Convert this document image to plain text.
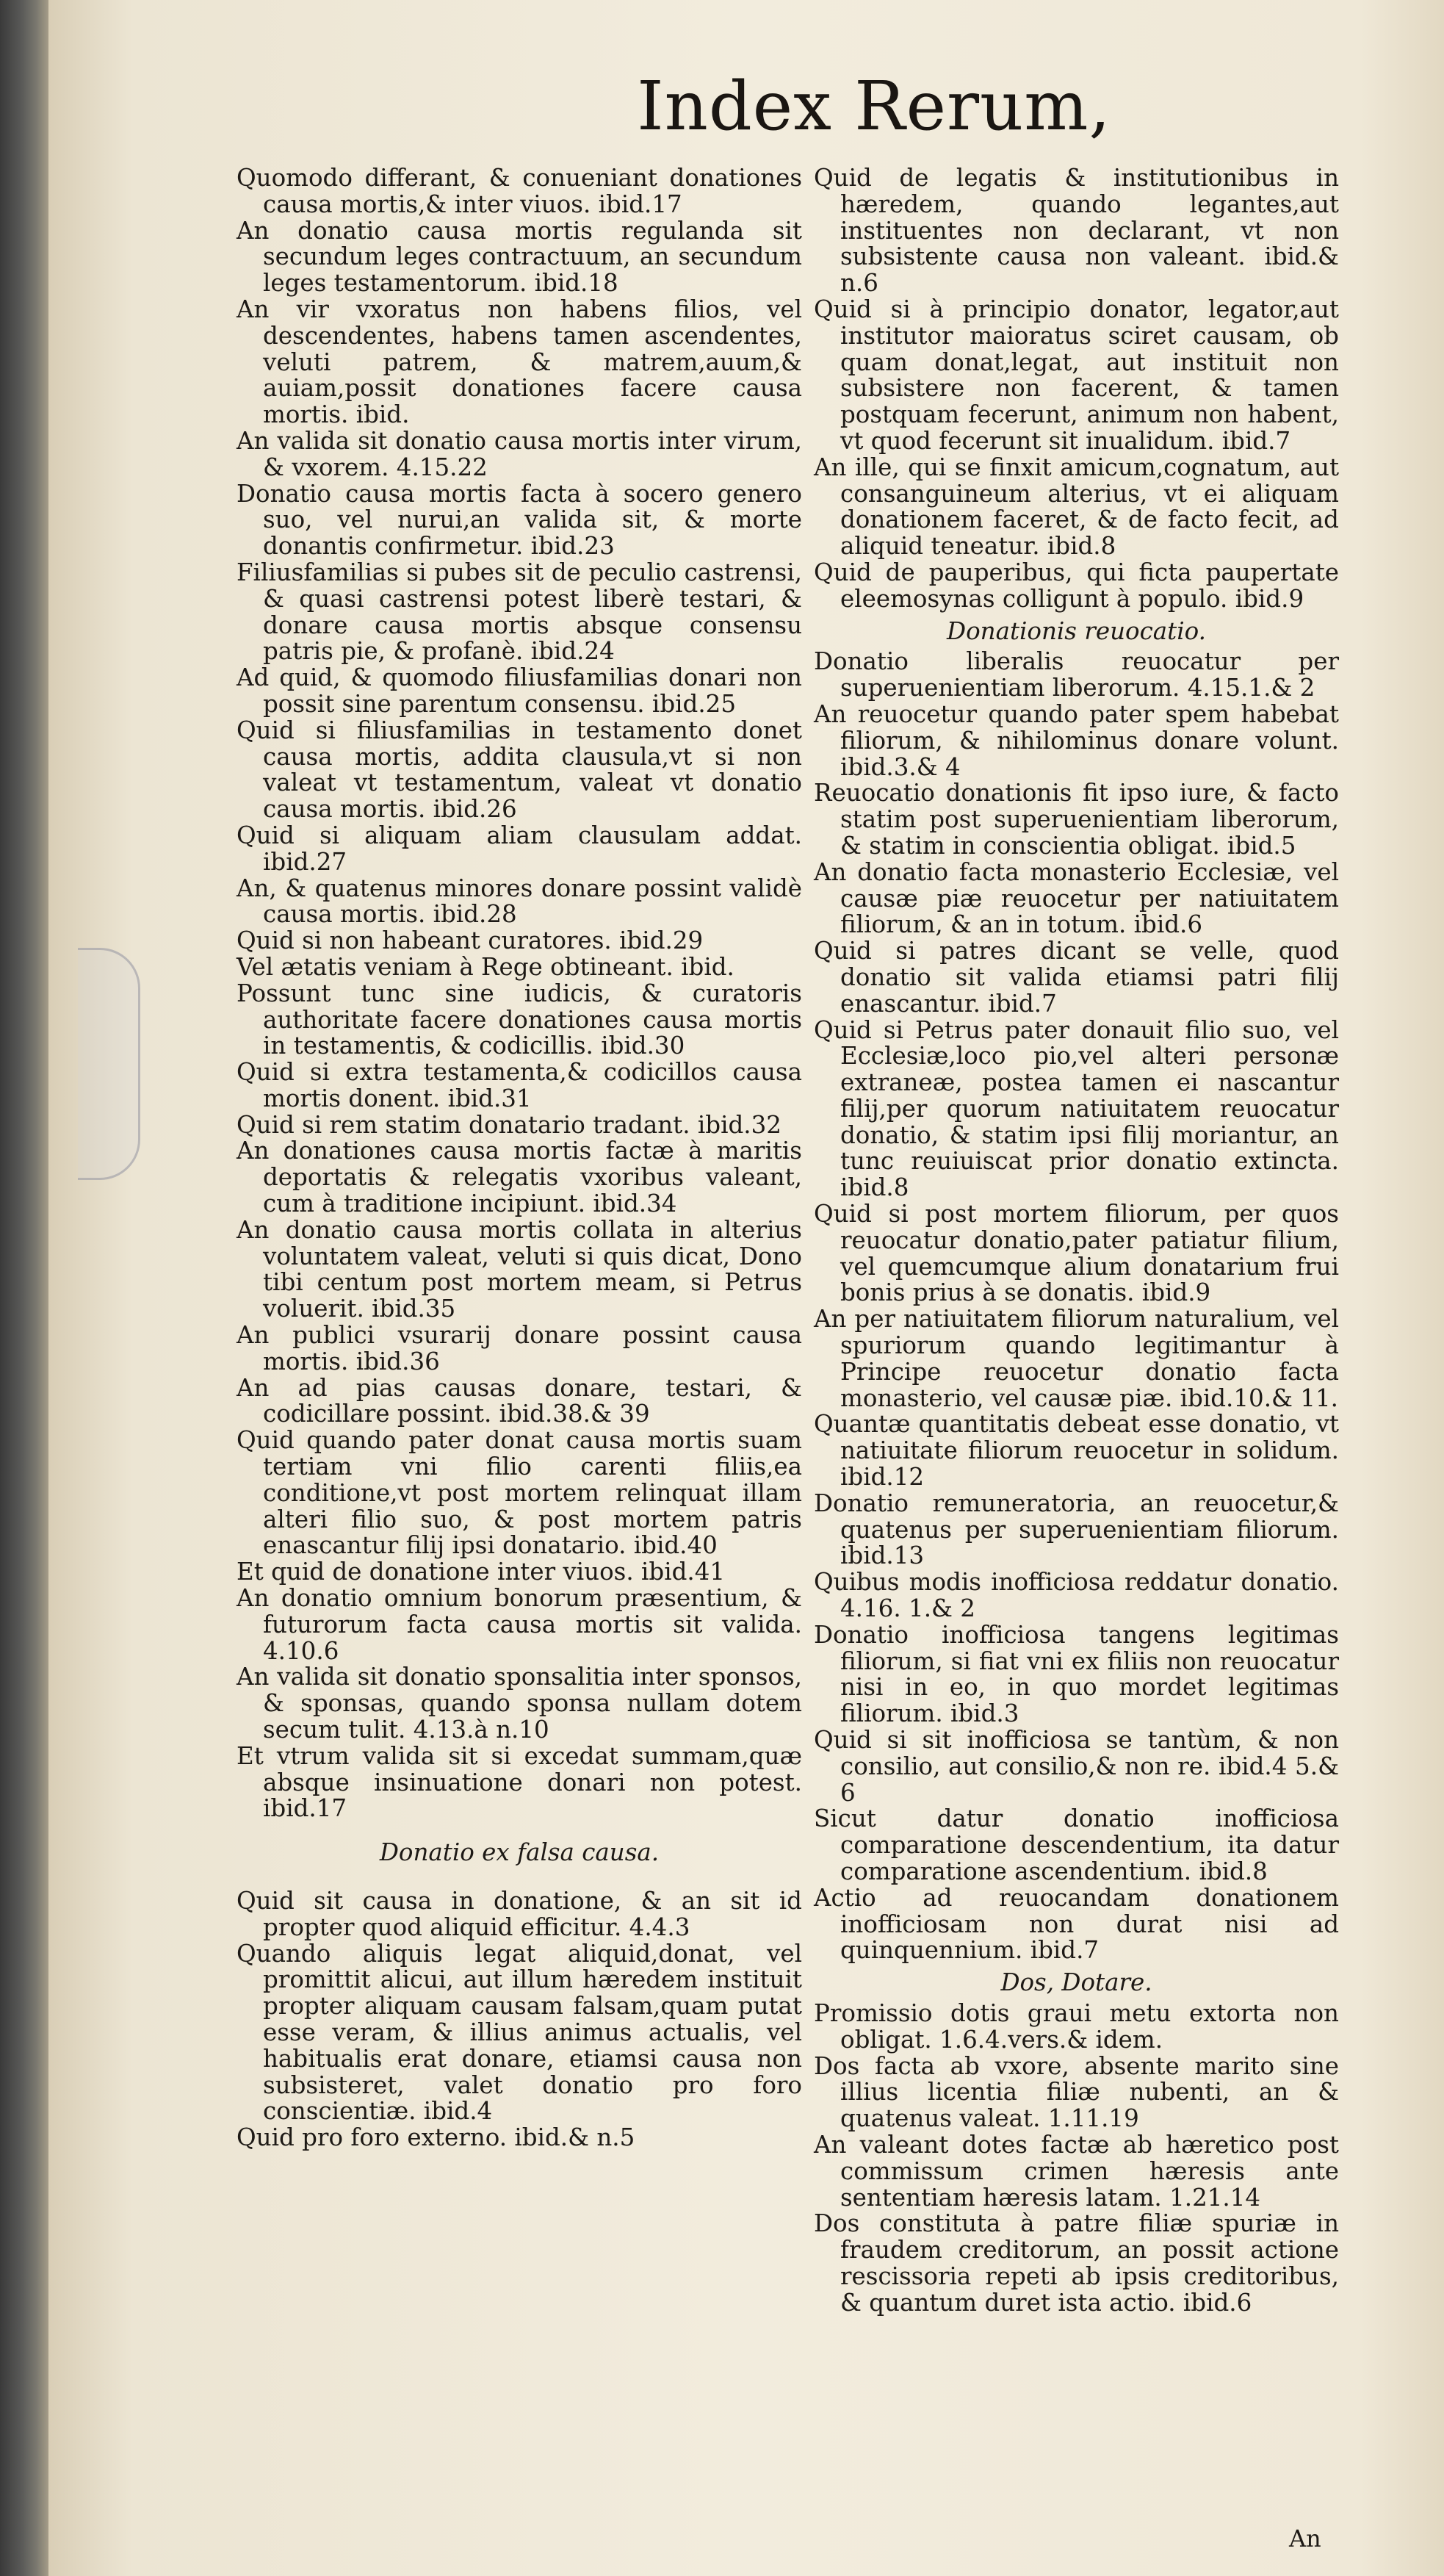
Index Rerum,
Quomodo differant, & conueniant donationes causa mortis,& inter viuos. ibid.17
An donatio causa mortis regulanda sit secundum leges contractuum, an secundum leges testamentorum. ibid.18
An vir vxoratus non habens filios, vel descendentes, habens tamen ascendentes, veluti patrem, & matrem,auum,& auiam,possit donationes facere causa mortis. ibid.
An valida sit donatio causa mortis inter virum, & vxorem. 4.15.22
Donatio causa mortis facta à socero genero suo, vel nurui,an valida sit, & morte donantis confirmetur. ibid.23
Filiusfamilias si pubes sit de peculio castrensi, & quasi castrensi potest liberè testari, & donare causa mortis absque consensu patris pie, & profanè. ibid.24
Ad quid, & quomodo filiusfamilias donari non possit sine parentum consensu. ibid.25
Quid si filiusfamilias in testamento donet causa mortis, addita clausula,vt si non valeat vt testamentum, valeat vt donatio causa mortis. ibid.26
Quid si aliquam aliam clausulam addat. ibid.27
An, & quatenus minores donare possint validè causa mortis. ibid.28
Quid si non habeant curatores. ibid.29
Vel ætatis veniam à Rege obtineant. ibid.
Possunt tunc sine iudicis, & curatoris authoritate facere donationes causa mortis in testamentis, & codicillis. ibid.30
Quid si extra testamenta,& codicillos causa mortis donent. ibid.31
Quid si rem statim donatario tradant. ibid.32
An donationes causa mortis factæ à maritis deportatis & relegatis vxoribus valeant, cum à traditione incipiunt. ibid.34
An donatio causa mortis collata in alterius voluntatem valeat, veluti si quis dicat, Dono tibi centum post mortem meam, si Petrus voluerit. ibid.35
An publici vsurarij donare possint causa mortis. ibid.36
An ad pias causas donare, testari, & codicillare possint. ibid.38.& 39
Quid quando pater donat causa mortis suam tertiam vni filio carenti filiis,ea conditione,vt post mortem relinquat illam alteri filio suo, & post mortem patris enascantur filij ipsi donatario. ibid.40
Et quid de donatione inter viuos. ibid.41
An donatio omnium bonorum præsentium, & futurorum facta causa mortis sit valida. 4.10.6
An valida sit donatio sponsalitia inter sponsos, & sponsas, quando sponsa nullam dotem secum tulit. 4.13.à n.10
Et vtrum valida sit si excedat summam,quæ absque insinuatione donari non potest. ibid.17
Donatio ex falsa causa.
Quid sit causa in donatione, & an sit id propter quod aliquid efficitur. 4.4.3
Quando aliquis legat aliquid,donat, vel promittit alicui, aut illum hæredem instituit propter aliquam causam falsam,quam putat esse veram, & illius animus actualis, vel habitualis erat donare, etiamsi causa non subsisteret, valet donatio pro foro conscientiæ. ibid.4
Quid pro foro externo. ibid.& n.5
Quid de legatis & institutionibus in hæredem, quando legantes,aut instituentes non declarant, vt non subsistente causa non valeant. ibid.& n.6
Quid si à principio donator, legator,aut institutor maioratus sciret causam, ob quam donat,legat, aut instituit non subsistere non facerent, & tamen postquam fecerunt, animum non habent, vt quod fecerunt sit inualidum. ibid.7
An ille, qui se finxit amicum,cognatum, aut consanguineum alterius, vt ei aliquam donationem faceret, & de facto fecit, ad aliquid teneatur. ibid.8
Quid de pauperibus, qui ficta paupertate eleemosynas colligunt à populo. ibid.9
Donationis reuocatio.
Donatio liberalis reuocatur per superuenientiam liberorum. 4.15.1.& 2
An reuocetur quando pater spem habebat filiorum, & nihilominus donare volunt. ibid.3.& 4
Reuocatio donationis fit ipso iure, & facto statim post superuenientiam liberorum, & statim in conscientia obligat. ibid.5
An donatio facta monasterio Ecclesiæ, vel causæ piæ reuocetur per natiuitatem filiorum, & an in totum. ibid.6
Quid si patres dicant se velle, quod donatio sit valida etiamsi patri filij enascantur. ibid.7
Quid si Petrus pater donauit filio suo, vel Ecclesiæ,loco pio,vel alteri personæ extraneæ, postea tamen ei nascantur filij,per quorum natiuitatem reuocatur donatio, & statim ipsi filij moriantur, an tunc reuiuiscat prior donatio extincta. ibid.8
Quid si post mortem filiorum, per quos reuocatur donatio,pater patiatur filium, vel quemcumque alium donatarium frui bonis prius à se donatis. ibid.9
An per natiuitatem filiorum naturalium, vel spuriorum quando legitimantur à Principe reuocetur donatio facta monasterio, vel causæ piæ. ibid.10.& 11.
Quantæ quantitatis debeat esse donatio, vt natiuitate filiorum reuocetur in solidum. ibid.12
Donatio remuneratoria, an reuocetur,& quatenus per superuenientiam filiorum. ibid.13
Quibus modis inofficiosa reddatur donatio. 4.16. 1.& 2
Donatio inofficiosa tangens legitimas filiorum, si fiat vni ex filiis non reuocatur nisi in eo, in quo mordet legitimas filiorum. ibid.3
Quid si sit inofficiosa se tantùm, & non consilio, aut consilio,& non re. ibid.4 5.& 6
Sicut datur donatio inofficiosa comparatione descendentium, ita datur comparatione ascendentium. ibid.8
Actio ad reuocandam donationem inofficiosam non durat nisi ad quinquennium. ibid.7
Dos, Dotare.
Promissio dotis graui metu extorta non obligat. 1.6.4.vers.& idem.
Dos facta ab vxore, absente marito sine illius licentia filiæ nubenti, an & quatenus valeat. 1.11.19
An valeant dotes factæ ab hæretico post commissum crimen hæresis ante sententiam hæresis latam. 1.21.14
Dos constituta à patre filiæ spuriæ in fraudem creditorum, an possit actione rescissoria repeti ab ipsis creditoribus, & quantum duret ista actio. ibid.6
An
